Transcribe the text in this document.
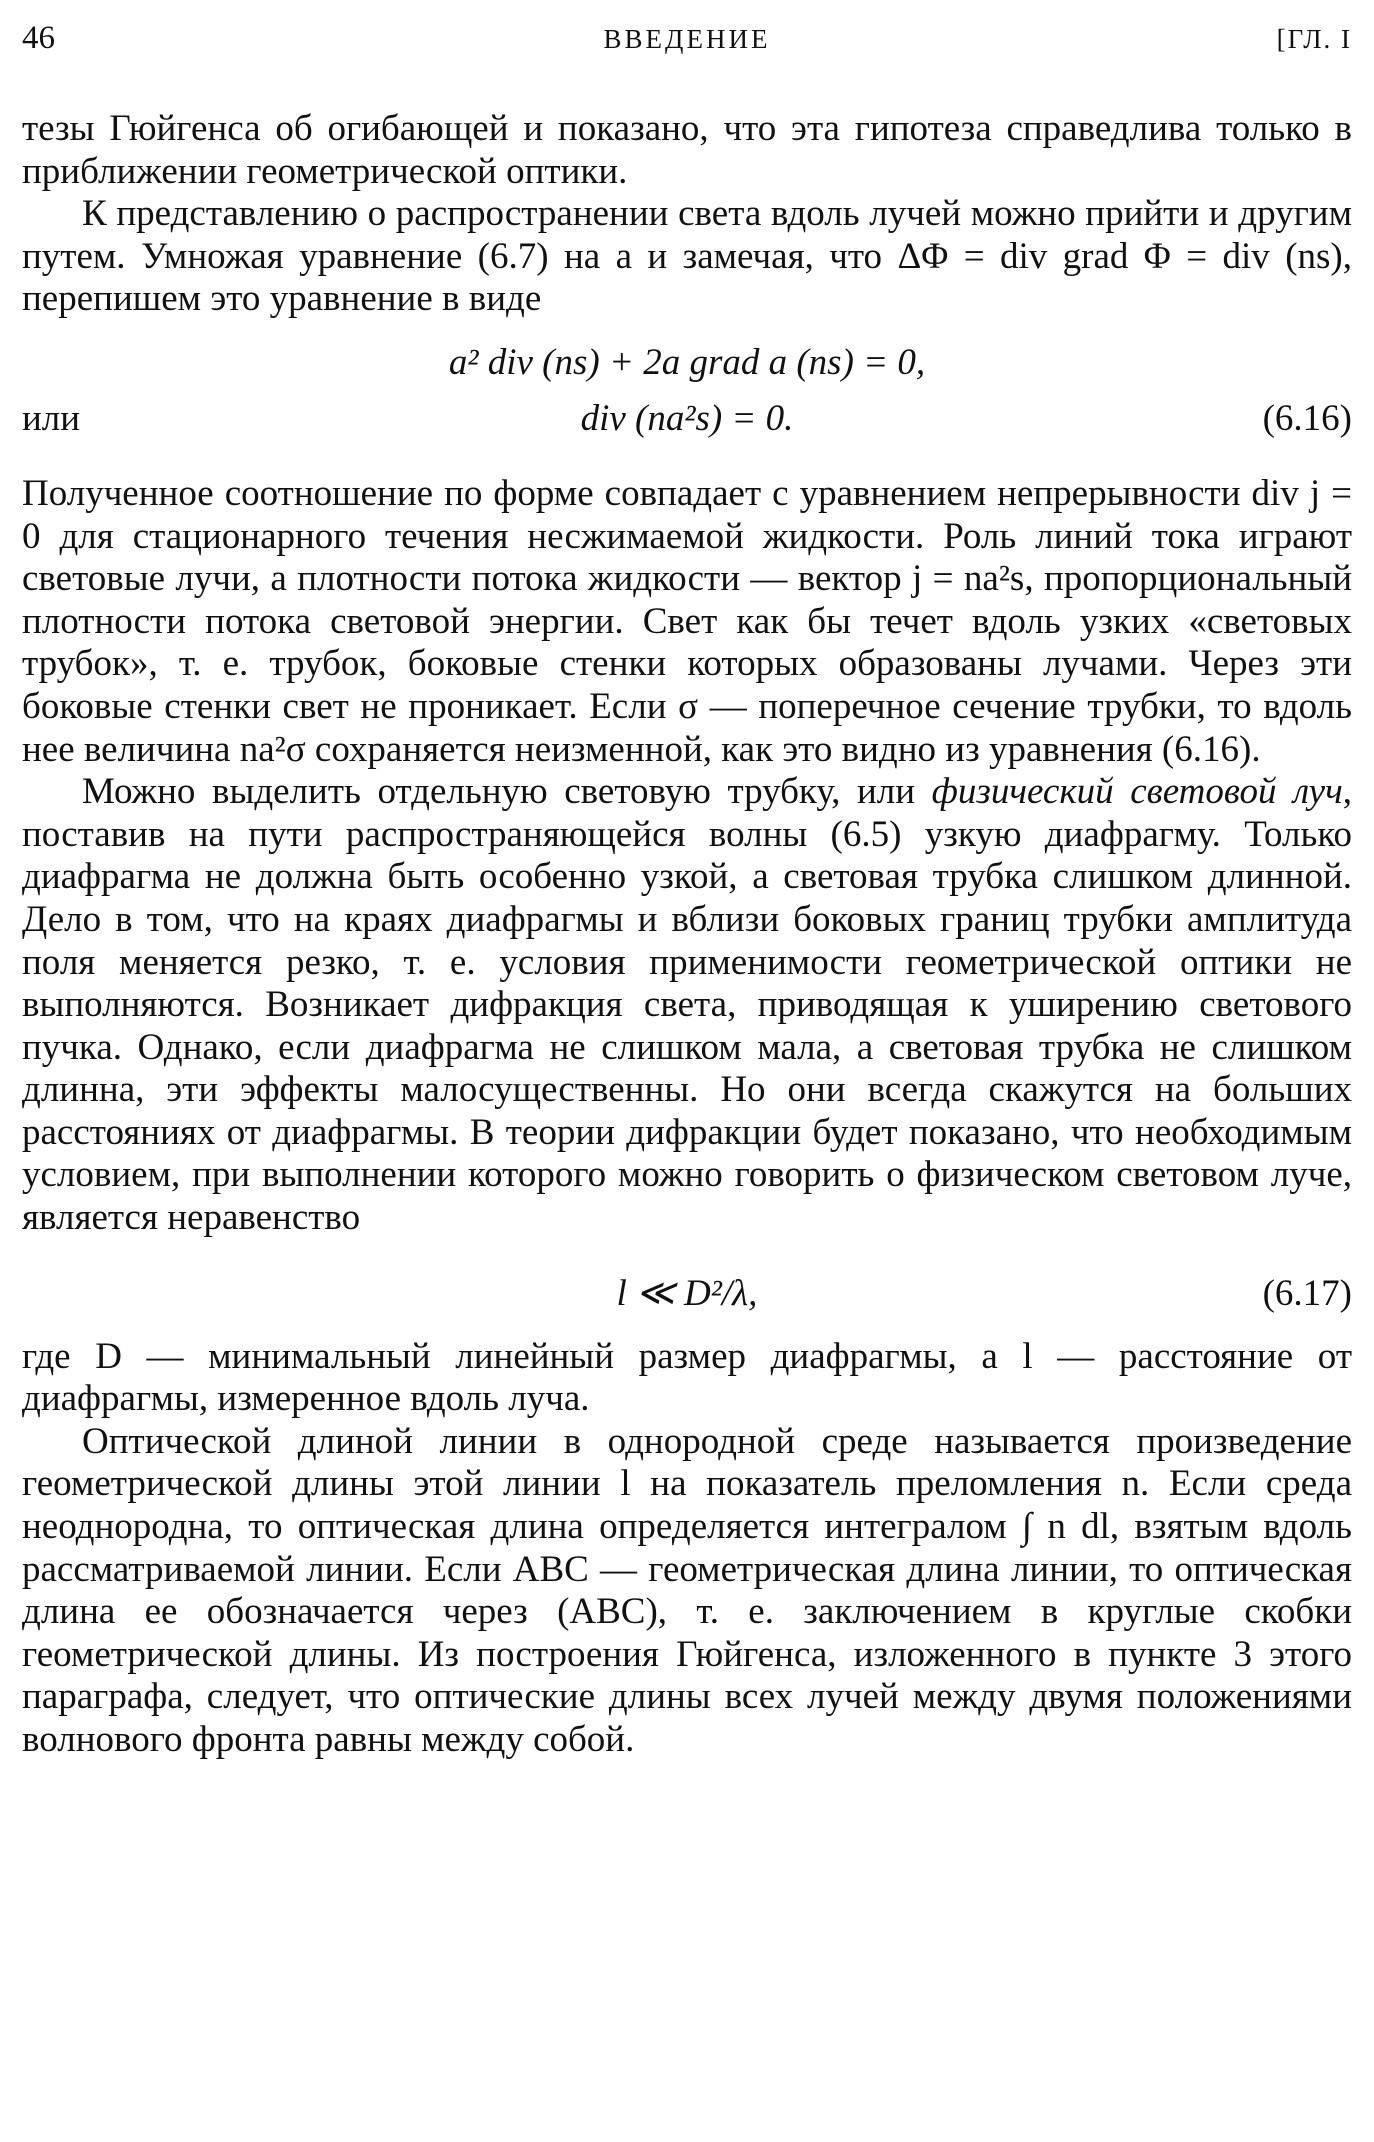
46	ВВЕДЕНИЕ	[ГЛ. I

тезы Гюйгенса об огибающей и показано, что эта гипотеза справедлива только в приближении геометрической оптики.

К представлению о распространении света вдоль лучей можно прийти и другим путем. Умножая уравнение (6.7) на a и замечая, что ΔΦ = div grad Φ = div (ns), перепишем это уравнение в виде

a² div (ns) + 2a grad a (ns) = 0,
или	div (na²s) = 0.	(6.16)

Полученное соотношение по форме совпадает с уравнением непрерывности div j = 0 для стационарного течения несжимаемой жидкости. Роль линий тока играют световые лучи, а плотности потока жидкости — вектор j = na²s, пропорциональный плотности потока световой энергии. Свет как бы течет вдоль узких «световых трубок», т. е. трубок, боковые стенки которых образованы лучами. Через эти боковые стенки свет не проникает. Если σ — поперечное сечение трубки, то вдоль нее величина na²σ сохраняется неизменной, как это видно из уравнения (6.16).

Можно выделить отдельную световую трубку, или физический световой луч, поставив на пути распространяющейся волны (6.5) узкую диафрагму. Только диафрагма не должна быть особенно узкой, а световая трубка слишком длинной. Дело в том, что на краях диафрагмы и вблизи боковых границ трубки амплитуда поля меняется резко, т. е. условия применимости геометрической оптики не выполняются. Возникает дифракция света, приводящая к уширению светового пучка. Однако, если диафрагма не слишком мала, а световая трубка не слишком длинна, эти эффекты малосущественны. Но они всегда скажутся на больших расстояниях от диафрагмы. В теории дифракции будет показано, что необходимым условием, при выполнении которого можно говорить о физическом световом луче, является неравенство

l ≪ D²/λ,	(6.17)

где D — минимальный линейный размер диафрагмы, а l — расстояние от диафрагмы, измеренное вдоль луча.

Оптической длиной линии в однородной среде называется произведение геометрической длины этой линии l на показатель преломления n. Если среда неоднородна, то оптическая длина определяется интегралом ∫ n dl, взятым вдоль рассматриваемой линии. Если ABC — геометрическая длина линии, то оптическая длина ее обозначается через (ABC), т. е. заключением в круглые скобки геометрической длины. Из построения Гюйгенса, изложенного в пункте 3 этого параграфа, следует, что оптические длины всех лучей между двумя положениями волнового фронта равны между собой.
